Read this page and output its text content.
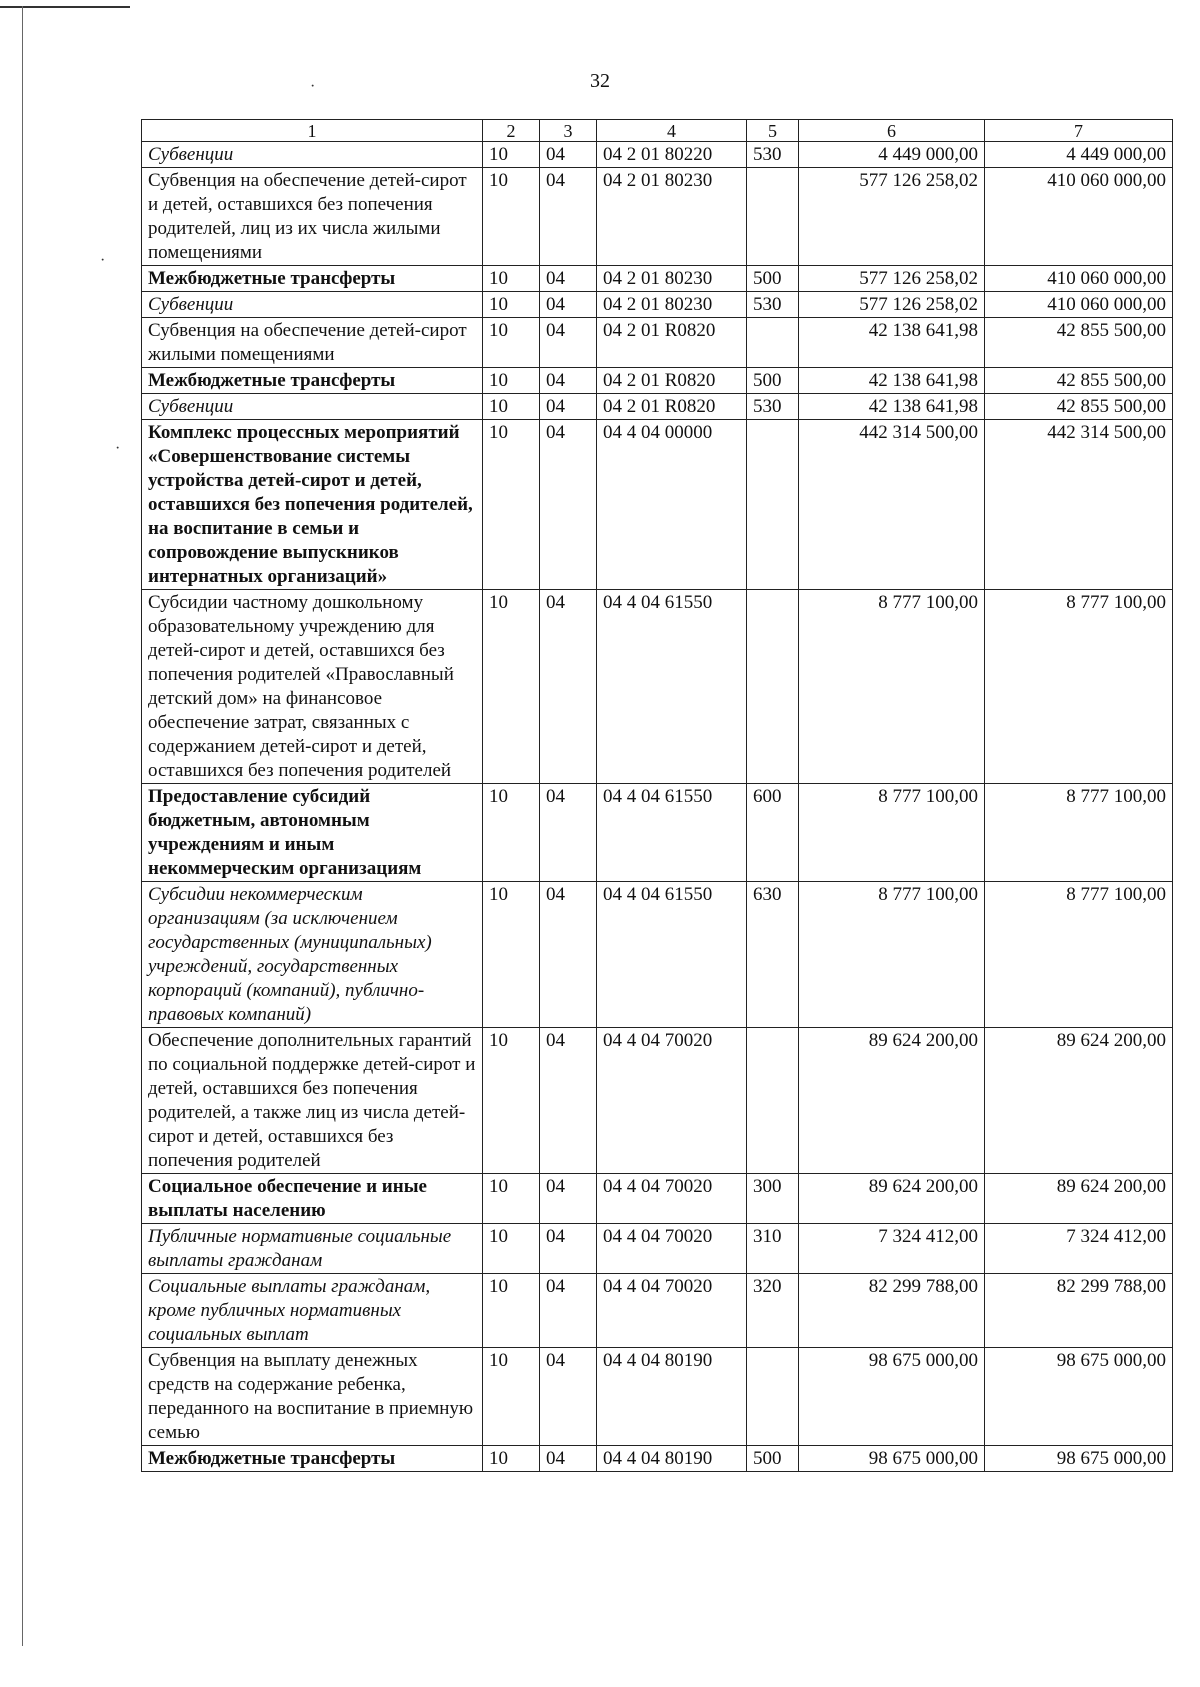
·
·
·
32
1	2	3	4	5	6	7
Субвенции	10	04	04 2 01 80220	530	4 449 000,00	4 449 000,00
Субвенция на обеспечение детей-сирот и детей, оставшихся без попечения родителей, лиц из их числа жилыми помещениями	10	04	04 2 01 80230		577 126 258,02	410 060 000,00
Межбюджетные трансферты	10	04	04 2 01 80230	500	577 126 258,02	410 060 000,00
Субвенции	10	04	04 2 01 80230	530	577 126 258,02	410 060 000,00
Субвенция на обеспечение детей-сирот жилыми помещениями	10	04	04 2 01 R0820		42 138 641,98	42 855 500,00
Межбюджетные трансферты	10	04	04 2 01 R0820	500	42 138 641,98	42 855 500,00
Субвенции	10	04	04 2 01 R0820	530	42 138 641,98	42 855 500,00
Комплекс процессных мероприятий «Совершенствование системы устройства детей-сирот и детей, оставшихся без попечения родителей, на воспитание в семьи и сопровождение выпускников интернатных организаций»	10	04	04 4 04 00000		442 314 500,00	442 314 500,00
Субсидии частному дошкольному образовательному учреждению для детей-сирот и детей, оставшихся без попечения родителей «Православный детский дом» на финансовое обеспечение затрат, связанных с содержанием детей-сирот и детей, оставшихся без попечения родителей	10	04	04 4 04 61550		8 777 100,00	8 777 100,00
Предоставление субсидий бюджетным, автономным учреждениям и иным некоммерческим организациям	10	04	04 4 04 61550	600	8 777 100,00	8 777 100,00
Субсидии некоммерческим организациям (за исключением государственных (муниципальных) учреждений, государственных корпораций (компаний), публично-правовых компаний)	10	04	04 4 04 61550	630	8 777 100,00	8 777 100,00
Обеспечение дополнительных гарантий по социальной поддержке детей-сирот и детей, оставшихся без попечения родителей, а также лиц из числа детей-сирот и детей, оставшихся без попечения родителей	10	04	04 4 04 70020		89 624 200,00	89 624 200,00
Социальное обеспечение и иные выплаты населению	10	04	04 4 04 70020	300	89 624 200,00	89 624 200,00
Публичные нормативные социальные выплаты гражданам	10	04	04 4 04 70020	310	7 324 412,00	7 324 412,00
Социальные выплаты гражданам, кроме публичных нормативных социальных выплат	10	04	04 4 04 70020	320	82 299 788,00	82 299 788,00
Субвенция на выплату денежных средств на содержание ребенка, переданного на воспитание в приемную семью	10	04	04 4 04 80190		98 675 000,00	98 675 000,00
Межбюджетные трансферты	10	04	04 4 04 80190	500	98 675 000,00	98 675 000,00
